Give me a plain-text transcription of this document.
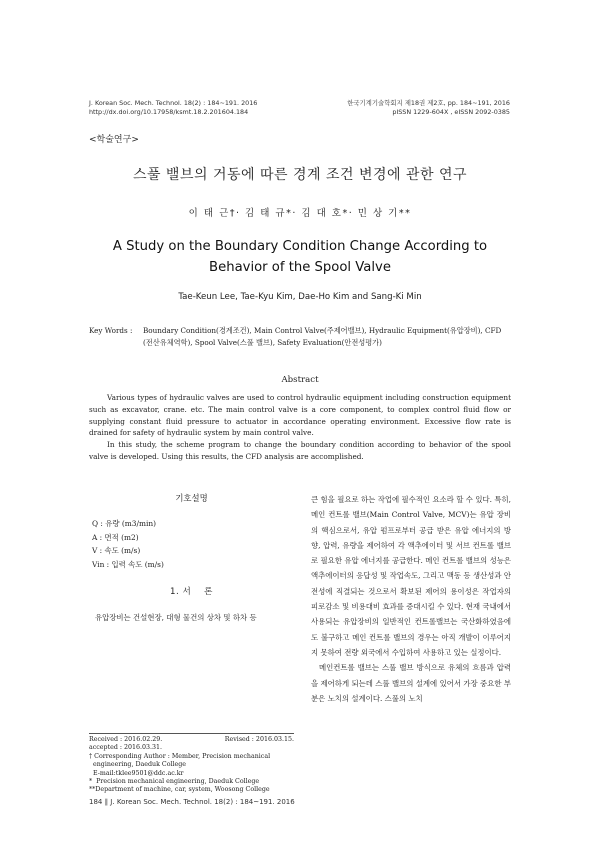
J. Korean Soc. Mech. Technol. 18(2) : 184~191. 2016
http://dx.doi.org/10.17958/ksmt.18.2.201604.184
한국기계기술학회지 제18권 제2호, pp. 184~191, 2016
pISSN 1229-604X , eISSN 2092-0385
<학술연구>
스풀 밸브의 거동에 따른 경계 조건 변경에 관한 연구
이 태 근†· 김 태 규*· 김 대 호*· 민 상 기**
A Study on the Boundary Condition Change According to
Behavior of the Spool Valve
Tae-Keun Lee, Tae-Kyu Kim, Dae-Ho Kim and Sang-Ki Min
Key Words :Boundary Condition(경계조건), Main Control Valve(주제어밸브), Hydraulic Equipment(유압장비), CFD
(전산유체역학), Spool Valve(스풀 밸브), Safety Evaluation(안전성평가)
Abstract

Various types of hydraulic valves are used to control hydraulic equipment including construction equipment such as excavator, crane. etc. The main control valve is a core component, to complex control fluid flow or supplying constant fluid pressure to actuator in accordance operating environment. Excessive flow rate is drained for safety of hydraulic system by main control valve.

In this study, the scheme program to change the boundary condition according to behavior of the spool valve is developed. Using this results, the CFD analysis are accomplished.

기호설명
Q : 유량 (m3/min)
A : 면적 (m2)
V : 속도 (m/s)
Vin : 입력 속도 (m/s)
1. 서    론
유압장비는 건설현장, 대형 물건의 상차 및 하차 등
Received : 2016.02.29.	Revised : 2016.03.15.
accepted : 2016.03.31.
† Corresponding Author : Member, Precision mechanical
engineering, Daeduk College
E-mail:tklee9501@ddc.ac.kr
*  Precision mechanical engineering, Daeduk College
**Department of machine, car, system, Woosong College

큰 힘을 필요로 하는 작업에 필수적인 요소라 할 수 있다. 특히, 메인 컨트롤 밸브(Main Control Valve, MCV)는 유압 장비의 핵심으로서, 유압 펌프로부터 공급 받은 유압 에너지의 방향, 압력, 유량을 제어하여 각 액추에이터 및 서브 컨트롤 밸브로 필요한 유압 에너지를 공급한다. 메인 컨트롤 밸브의 성능은 액추에이터의 응답성 및 작업속도, 그리고 맥동 등 생산성과 안전성에 직결되는 것으로서 확보된 제어의 용이성은 작업자의 피로감소 및 비용대비 효과를 증대시킬 수 있다. 현재 국내에서 사용되는 유압장비의 일반적인 컨트롤밸브는 국산화하였음에도 불구하고 메인 컨트롤 밸브의 경우는 아직 개발이 이루어지지 못하여 전량 외국에서 수입하여 사용하고 있는 실정이다.

메인컨트롤 밸브는 스풀 밸브 방식으로 유체의 흐름과 압력을 제어하게 되는데 스풀 밸브의 설계에 있어서 가장 중요한 부분은 노치의 설계이다. 스풀의 노치

184 ∥ J. Korean Soc. Mech. Technol. 18(2) : 184~191. 2016
